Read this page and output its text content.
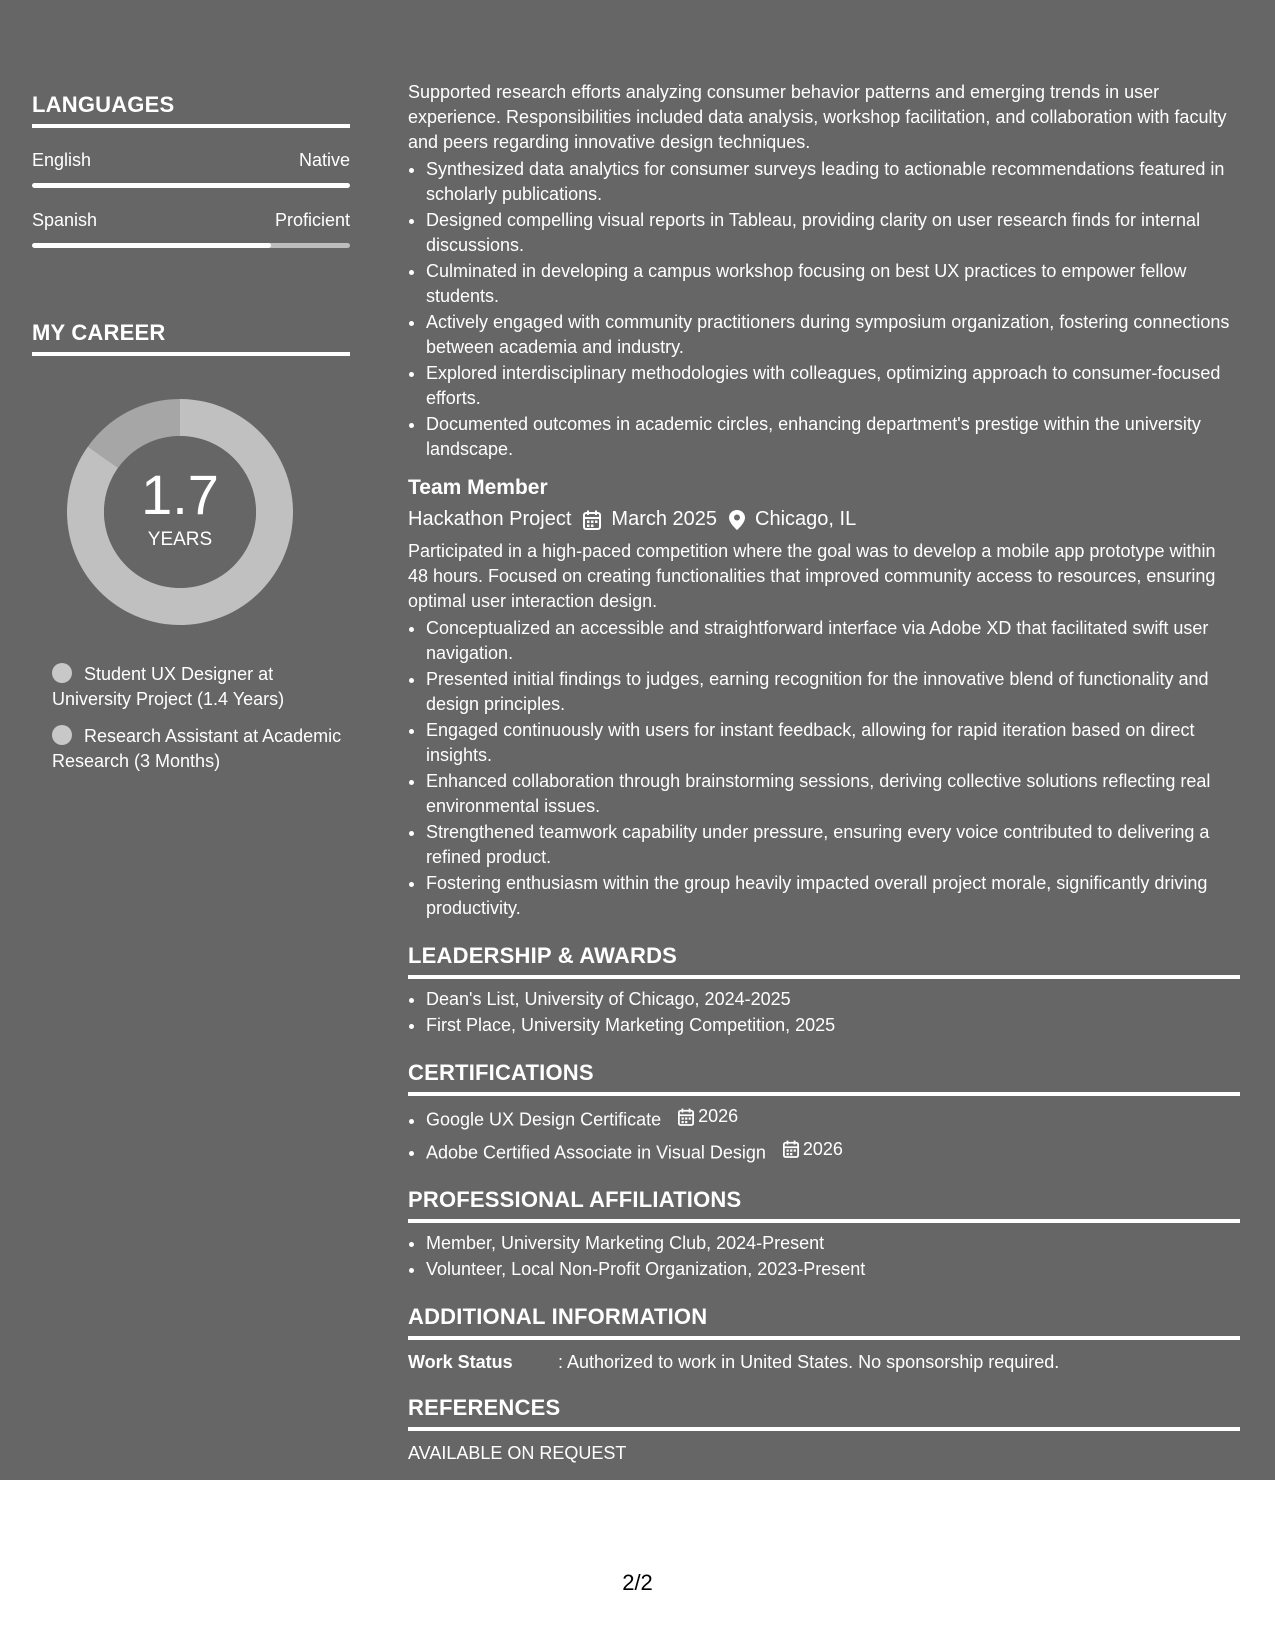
LANGUAGES
English	Native
Spanish	Proficient
MY CAREER
1.7
YEARS
Student UX Designer at University Project (1.4 Years)
Research Assistant at Academic Research (3 Months)

Supported research efforts analyzing consumer behavior patterns and emerging trends in user experience. Responsibilities included data analysis, workshop facilitation, and collaboration with faculty and peers regarding innovative design techniques.

• Synthesized data analytics for consumer surveys leading to actionable recommendations featured in scholarly publications.
• Designed compelling visual reports in Tableau, providing clarity on user research finds for internal discussions.
• Culminated in developing a campus workshop focusing on best UX practices to empower fellow students.
• Actively engaged with community practitioners during symposium organization, fostering connections between academia and industry.
• Explored interdisciplinary methodologies with colleagues, optimizing approach to consumer-focused efforts.
• Documented outcomes in academic circles, enhancing department's prestige within the university landscape.
Team Member
Hackathon Project March 2025 Chicago, IL

Participated in a high-paced competition where the goal was to develop a mobile app prototype within 48 hours. Focused on creating functionalities that improved community access to resources, ensuring optimal user interaction design.

• Conceptualized an accessible and straightforward interface via Adobe XD that facilitated swift user navigation.
• Presented initial findings to judges, earning recognition for the innovative blend of functionality and design principles.
• Engaged continuously with users for instant feedback, allowing for rapid iteration based on direct insights.
• Enhanced collaboration through brainstorming sessions, deriving collective solutions reflecting real environmental issues.
• Strengthened teamwork capability under pressure, ensuring every voice contributed to delivering a refined product.
• Fostering enthusiasm within the group heavily impacted overall project morale, significantly driving productivity.
LEADERSHIP & AWARDS
• Dean's List, University of Chicago, 2024-2025
• First Place, University Marketing Competition, 2025
CERTIFICATIONS
• Google UX Design Certificate 2026
• Adobe Certified Associate in Visual Design 2026
PROFESSIONAL AFFILIATIONS
• Member, University Marketing Club, 2024-Present
• Volunteer, Local Non-Profit Organization, 2023-Present
ADDITIONAL INFORMATION
Work Status	: Authorized to work in United States. No sponsorship required.
REFERENCES
AVAILABLE ON REQUEST
2/2
